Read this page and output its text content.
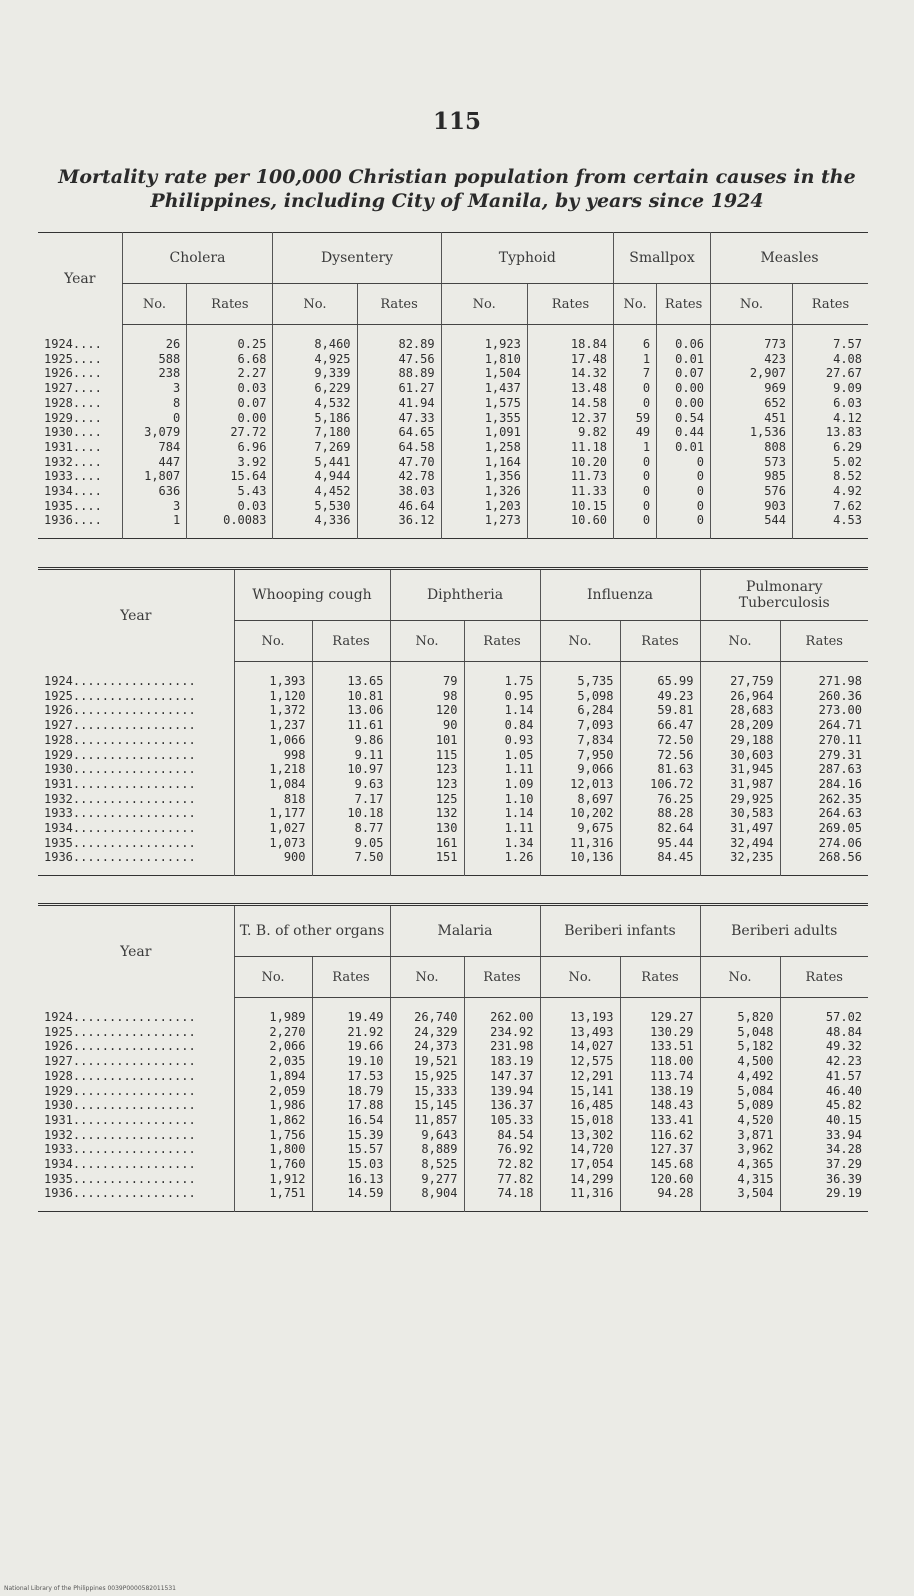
115
Mortality rate per 100,000 Christian population from certain causes in the Philippines, including City of Manila, by years since 1924
Year	Cholera		Dysentery		Typhoid		Smallpox		Measles	
	No.	Rates	No.	Rates	No.	Rates	No.	Rates	No.	Rates
1924....	26	0.25	8,460	82.89	1,923	18.84	6	0.06	773	7.57
1925....	588	6.68	4,925	47.56	1,810	17.48	1	0.01	423	4.08
1926....	238	2.27	9,339	88.89	1,504	14.32	7	0.07	2,907	27.67
1927....	3	0.03	6,229	61.27	1,437	13.48	0	0.00	969	9.09
1928....	8	0.07	4,532	41.94	1,575	14.58	0	0.00	652	6.03
1929....	0	0.00	5,186	47.33	1,355	12.37	59	0.54	451	4.12
1930....	3,079	27.72	7,180	64.65	1,091	9.82	49	0.44	1,536	13.83
1931....	784	6.96	7,269	64.58	1,258	11.18	1	0.01	808	6.29
1932....	447	3.92	5,441	47.70	1,164	10.20	0	0	573	5.02
1933....	1,807	15.64	4,944	42.78	1,356	11.73	0	0	985	8.52
1934....	636	5.43	4,452	38.03	1,326	11.33	0	0	576	4.92
1935....	3	0.03	5,530	46.64	1,203	10.15	0	0	903	7.62
1936....	1	0.0083	4,336	36.12	1,273	10.60	0	0	544	4.53
Year	Whooping cough		Diphtheria		Influenza		Pulmonary Tuberculosis	
	No.	Rates	No.	Rates	No.	Rates	No.	Rates
1924.................	1,393	13.65	79	1.75	5,735	65.99	27,759	271.98
1925.................	1,120	10.81	98	0.95	5,098	49.23	26,964	260.36
1926.................	1,372	13.06	120	1.14	6,284	59.81	28,683	273.00
1927.................	1,237	11.61	90	0.84	7,093	66.47	28,209	264.71
1928.................	1,066	9.86	101	0.93	7,834	72.50	29,188	270.11
1929.................	998	9.11	115	1.05	7,950	72.56	30,603	279.31
1930.................	1,218	10.97	123	1.11	9,066	81.63	31,945	287.63
1931.................	1,084	9.63	123	1.09	12,013	106.72	31,987	284.16
1932.................	818	7.17	125	1.10	8,697	76.25	29,925	262.35
1933.................	1,177	10.18	132	1.14	10,202	88.28	30,583	264.63
1934.................	1,027	8.77	130	1.11	9,675	82.64	31,497	269.05
1935.................	1,073	9.05	161	1.34	11,316	95.44	32,494	274.06
1936.................	900	7.50	151	1.26	10,136	84.45	32,235	268.56
Year	T. B. of other organs		Malaria		Beriberi infants		Beriberi adults	
	No.	Rates	No.	Rates	No.	Rates	No.	Rates
1924.................	1,989	19.49	26,740	262.00	13,193	129.27	5,820	57.02
1925.................	2,270	21.92	24,329	234.92	13,493	130.29	5,048	48.84
1926.................	2,066	19.66	24,373	231.98	14,027	133.51	5,182	49.32
1927.................	2,035	19.10	19,521	183.19	12,575	118.00	4,500	42.23
1928.................	1,894	17.53	15,925	147.37	12,291	113.74	4,492	41.57
1929.................	2,059	18.79	15,333	139.94	15,141	138.19	5,084	46.40
1930.................	1,986	17.88	15,145	136.37	16,485	148.43	5,089	45.82
1931.................	1,862	16.54	11,857	105.33	15,018	133.41	4,520	40.15
1932.................	1,756	15.39	9,643	84.54	13,302	116.62	3,871	33.94
1933.................	1,800	15.57	8,889	76.92	14,720	127.37	3,962	34.28
1934.................	1,760	15.03	8,525	72.82	17,054	145.68	4,365	37.29
1935.................	1,912	16.13	9,277	77.82	14,299	120.60	4,315	36.39
1936.................	1,751	14.59	8,904	74.18	11,316	94.28	3,504	29.19
National Library of the Philippines 0039P0000582011531
